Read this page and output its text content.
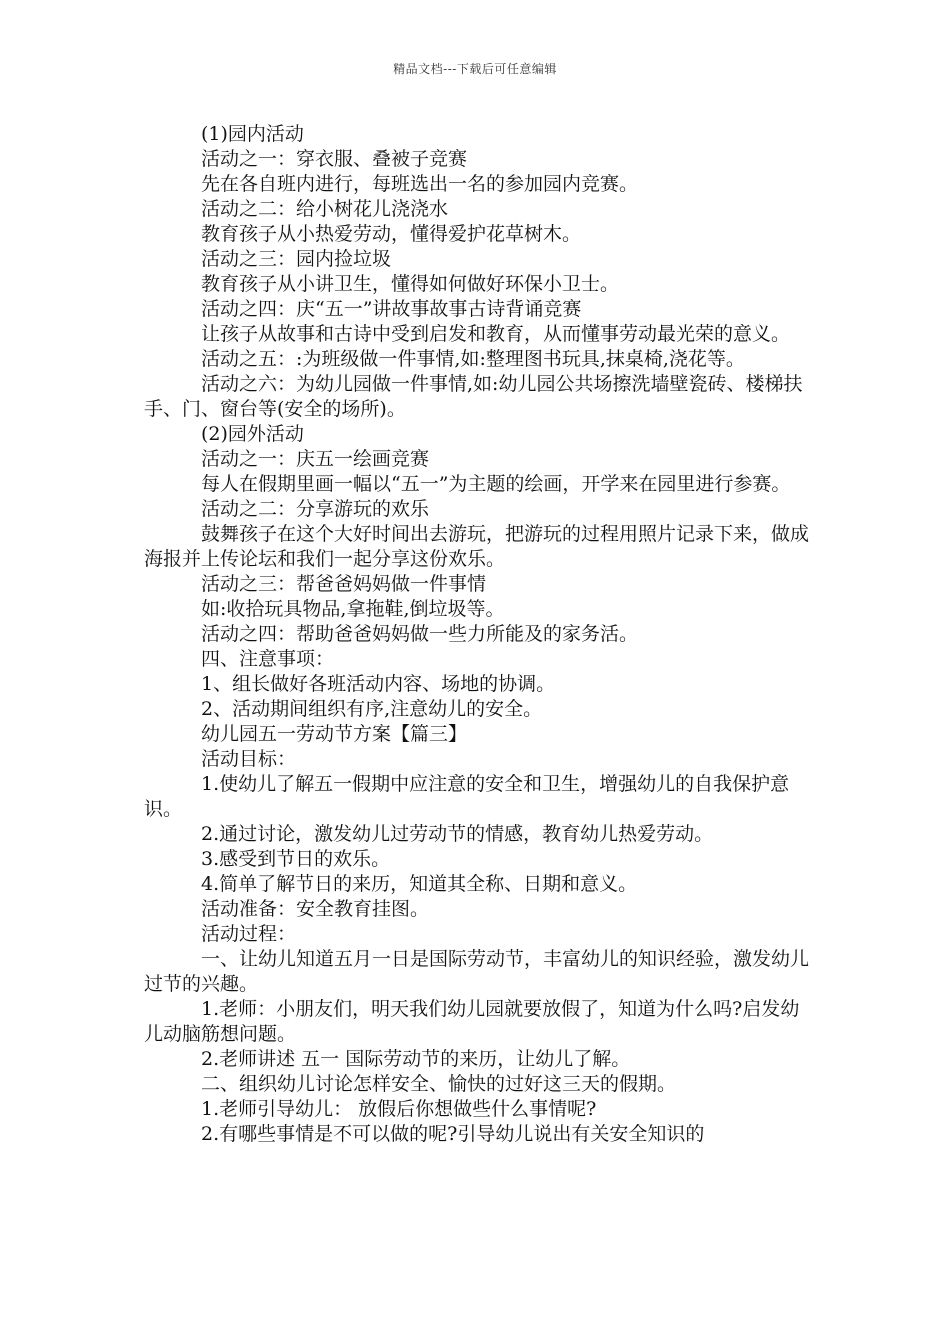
精品文档---下载后可任意编辑

(1)园内活动

活动之一：穿衣服、叠被子竞赛

先在各自班内进行，每班选出一名的参加园内竞赛。

活动之二：给小树花儿浇浇水

教育孩子从小热爱劳动，懂得爱护花草树木。

活动之三：园内捡垃圾

教育孩子从小讲卫生，懂得如何做好环保小卫士。

活动之四：庆“五一”讲故事故事古诗背诵竞赛

让孩子从故事和古诗中受到启发和教育，从而懂事劳动最光荣的意义。

活动之五：:为班级做一件事情,如:整理图书玩具,抹桌椅,浇花等。

活动之六：为幼儿园做一件事情,如:幼儿园公共场擦洗墙壁瓷砖、楼梯扶手、门、窗台等(安全的场所)。

(2)园外活动

活动之一：庆五一绘画竞赛

每人在假期里画一幅以“五一”为主题的绘画，开学来在园里进行参赛。

活动之二：分享游玩的欢乐

鼓舞孩子在这个大好时间出去游玩，把游玩的过程用照片记录下来，做成海报并上传论坛和我们一起分享这份欢乐。

活动之三：帮爸爸妈妈做一件事情

如:收拾玩具物品,拿拖鞋,倒垃圾等。

活动之四：帮助爸爸妈妈做一些力所能及的家务活。

四、注意事项：

1、组长做好各班活动内容、场地的协调。

2、活动期间组织有序,注意幼儿的安全。

幼儿园五一劳动节方案【篇三】

活动目标：

1.使幼儿了解五一假期中应注意的安全和卫生，增强幼儿的自我保护意识。

2.通过讨论，激发幼儿过劳动节的情感，教育幼儿热爱劳动。

3.感受到节日的欢乐。

4.简单了解节日的来历，知道其全称、日期和意义。

活动准备：安全教育挂图。

活动过程：

一、让幼儿知道五月一日是国际劳动节，丰富幼儿的知识经验，激发幼儿过节的兴趣。

1.老师：小朋友们，明天我们幼儿园就要放假了，知道为什么吗?启发幼儿动脑筋想问题。

2.老师讲述 五一 国际劳动节的来历，让幼儿了解。

二、组织幼儿讨论怎样安全、愉快的过好这三天的假期。

1.老师引导幼儿： 放假后你想做些什么事情呢?

2.有哪些事情是不可以做的呢?引导幼儿说出有关安全知识的
